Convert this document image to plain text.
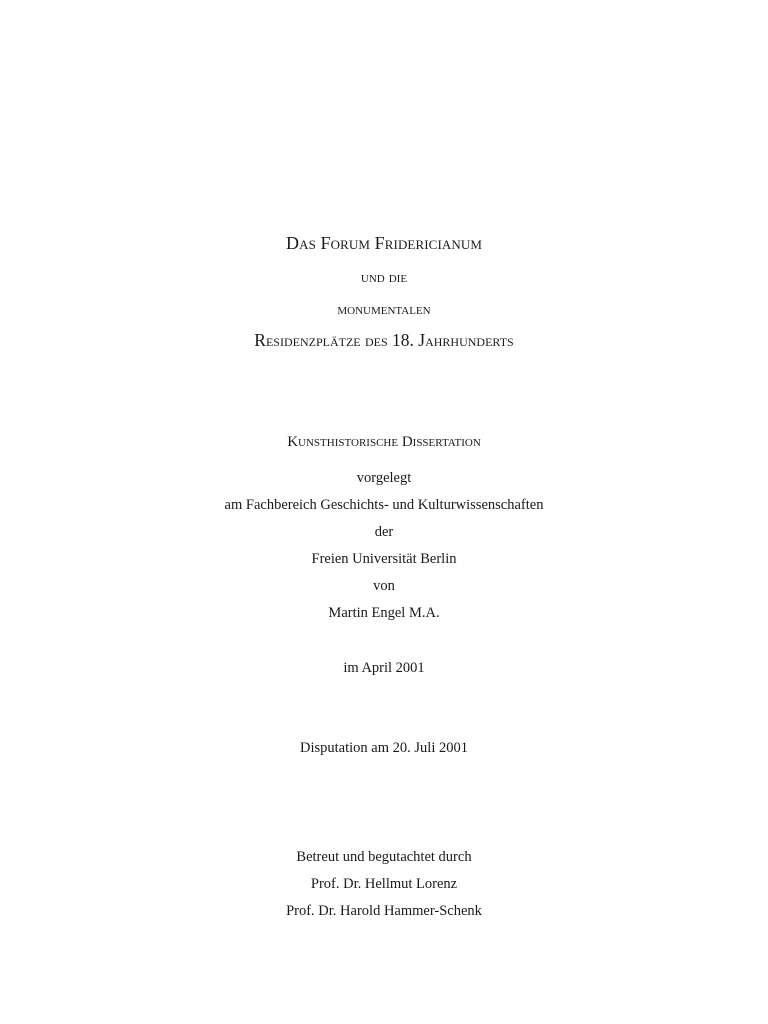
Das Forum Fridericianum
und die
monumentalen
Residenzplätze des 18. Jahrhunderts
Kunsthistorische Dissertation
vorgelegt
am Fachbereich Geschichts- und Kulturwissenschaften
der
Freien Universität Berlin
von
Martin Engel M.A.
im April 2001
Disputation am 20. Juli 2001
Betreut und begutachtet durch
Prof. Dr. Hellmut Lorenz
Prof. Dr. Harold Hammer-Schenk
